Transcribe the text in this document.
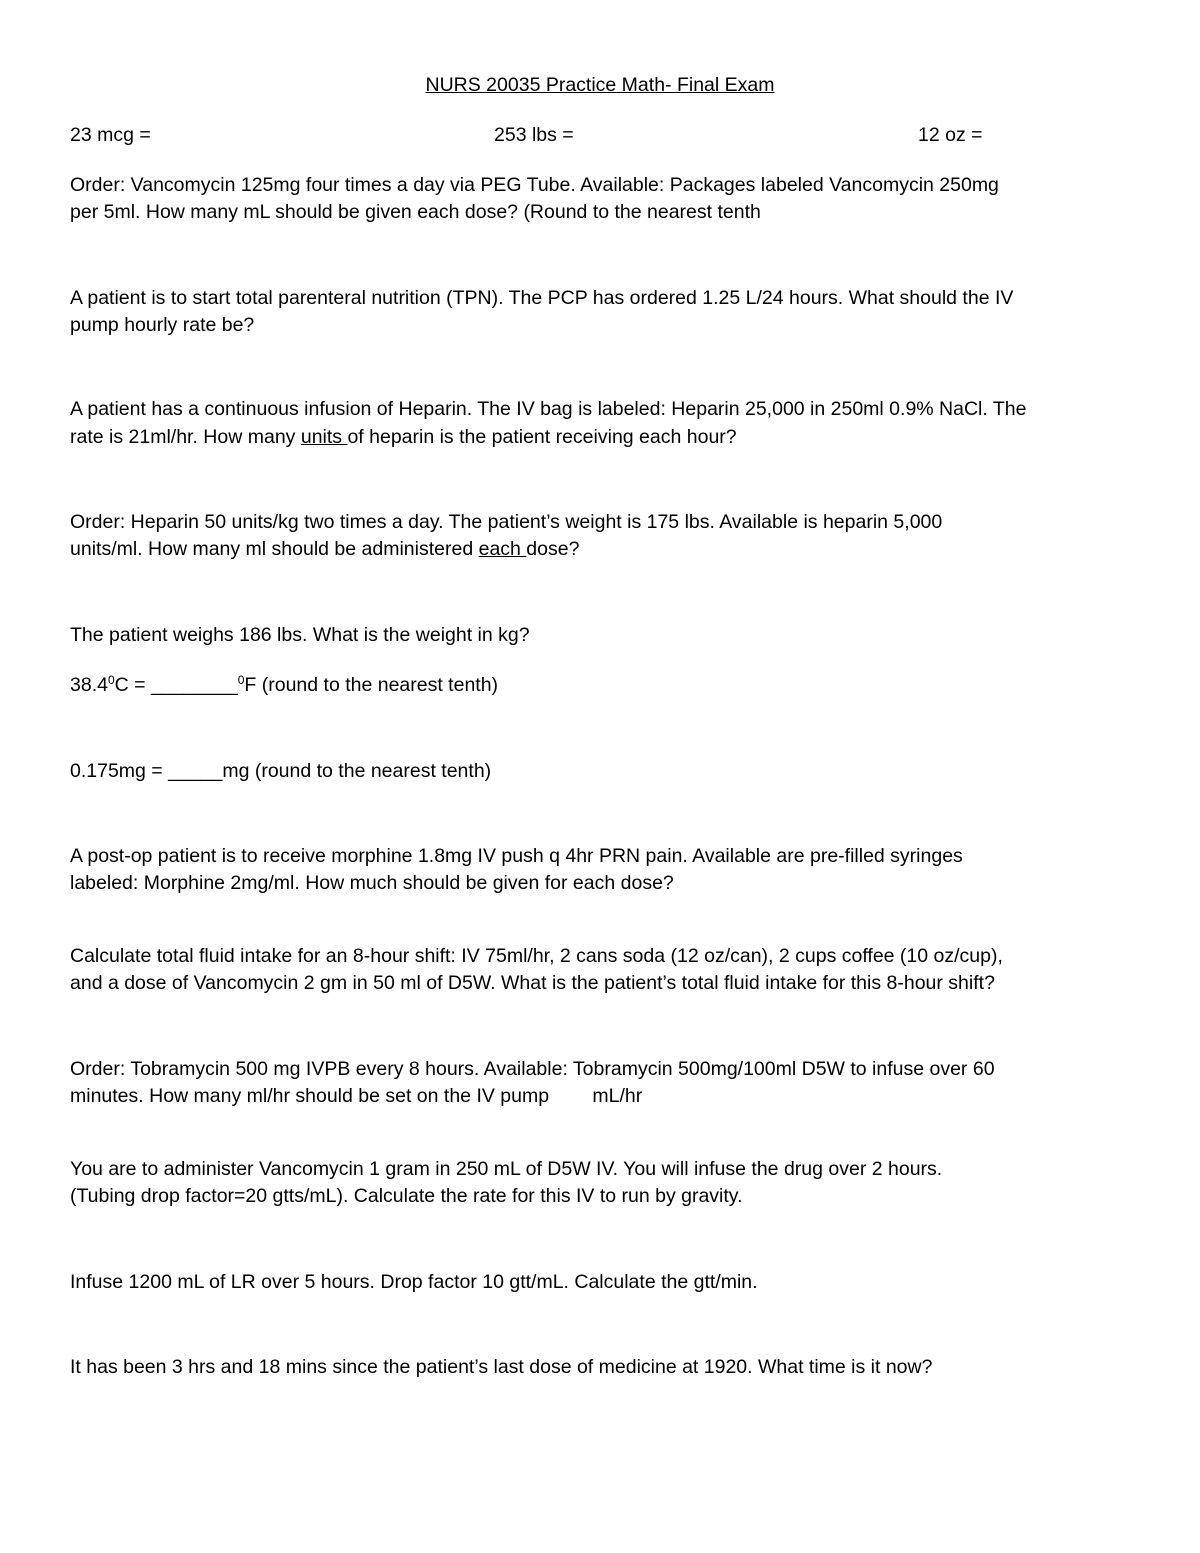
NURS 20035 Practice Math- Final Exam
23 mcg =	253 lbs =	12 oz =
Order: Vancomycin 125mg four times a day via PEG Tube. Available: Packages labeled Vancomycin 250mg
per 5ml. How many mL should be given each dose? (Round to the nearest tenth
A patient is to start total parenteral nutrition (TPN). The PCP has ordered 1.25 L/24 hours. What should the IV
pump hourly rate be?
A patient has a continuous infusion of Heparin. The IV bag is labeled: Heparin 25,000 in 250ml 0.9% NaCl. The
rate is 21ml/hr. How many units of heparin is the patient receiving each hour?
Order: Heparin 50 units/kg two times a day. The patient’s weight is 175 lbs. Available is heparin 5,000
units/ml. How many ml should be administered each dose?
The patient weighs 186 lbs. What is the weight in kg?
$38.4^0C$ = ________$^0$F (round to the nearest tenth)
0.175mg = _____mg (round to the nearest tenth)
A post-op patient is to receive morphine 1.8mg IV push q 4hr PRN pain. Available are pre-filled syringes
labeled: Morphine 2mg/ml. How much should be given for each dose?
Calculate total fluid intake for an 8-hour shift: IV 75ml/hr, 2 cans soda (12 oz/can), 2 cups coffee (10 oz/cup),
and a dose of Vancomycin 2 gm in 50 ml of D5W. What is the patient’s total fluid intake for this 8-hour shift?
Order: Tobramycin 500 mg IVPB every 8 hours. Available: Tobramycin 500mg/100ml D5W to infuse over 60
minutes. How many ml/hr should be set on the IV pump        mL/hr
You are to administer Vancomycin 1 gram in 250 mL of D5W IV. You will infuse the drug over 2 hours.
(Tubing drop factor=20 gtts/mL). Calculate the rate for this IV to run by gravity.
Infuse 1200 mL of LR over 5 hours. Drop factor 10 gtt/mL. Calculate the gtt/min.
It has been 3 hrs and 18 mins since the patient’s last dose of medicine at 1920. What time is it now?
